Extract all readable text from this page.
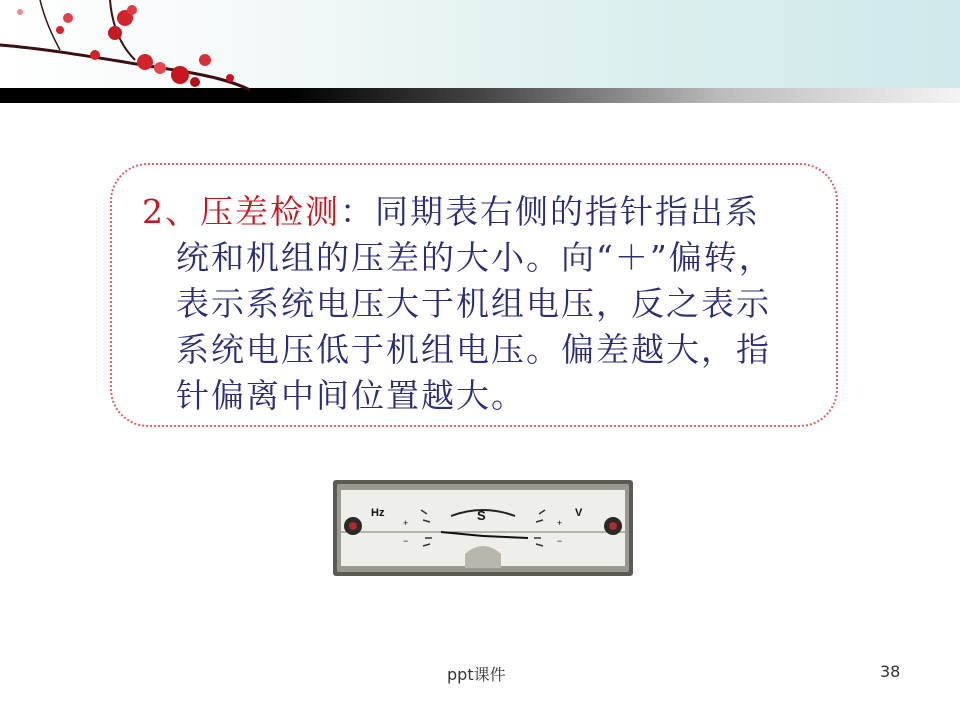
2、压差检测：同期表右侧的指针指出系
统和机组的压差的大小。向“＋”偏转，
表示系统电压大于机组电压，反之表示
系统电压低于机组电压。偏差越大，指
针偏离中间位置越大。
Hz	S	V
+
−
+
−
ppt课件	38
